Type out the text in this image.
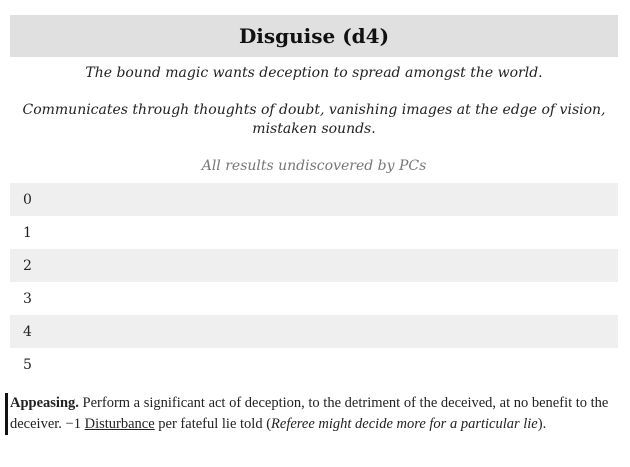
Disguise (d4)
The bound magic wants deception to spread amongst the world.
Communicates through thoughts of doubt, vanishing images at the edge of vision, mistaken sounds.
All results undiscovered by PCs
0
1
2
3
4
5
Appeasing. Perform a significant act of deception, to the detriment of the deceived, at no benefit to the deceiver. −1 Disturbance per fateful lie told (Referee might decide more for a particular lie).
